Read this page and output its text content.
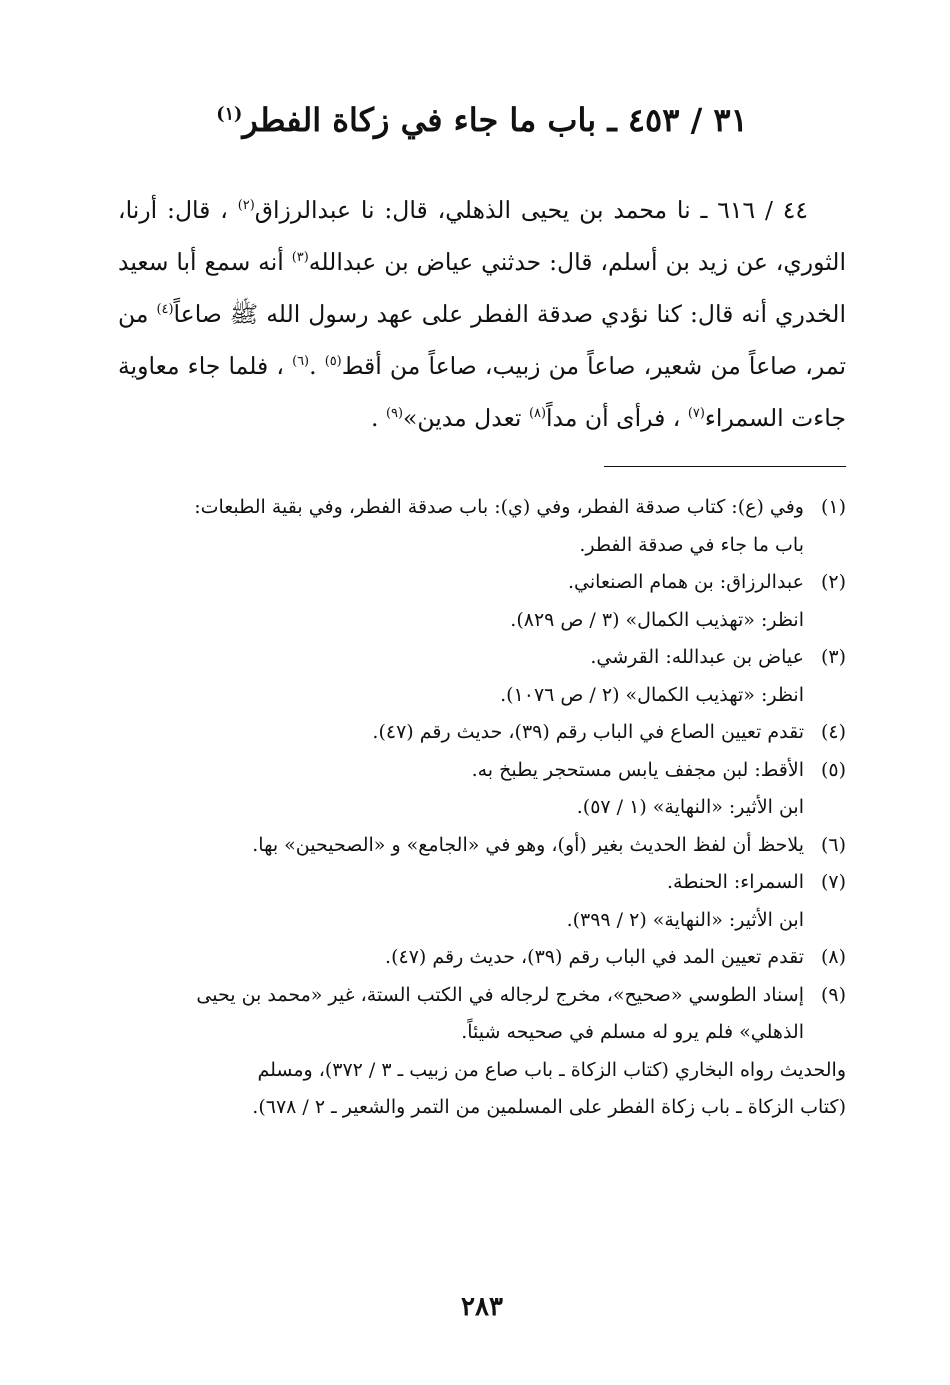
٣١ / ٤٥٣ ـ باب ما جاء في زكاة الفطر$^{(١)}$

٤٤ / ٦١٦ ـ نا محمد بن يحيى الذهلي، قال: نا عبدالرزاق$^{(٢)}$ ، قال: أرنا، الثوري، عن زيد بن أسلم، قال: حدثني عياض بن عبدالله$^{(٣)}$ أنه سمع أبا سعيد الخدري أنه قال: كنا نؤدي صدقة الفطر على عهد رسول الله ﷺ صاعاً$^{(٤)}$ من تمر، صاعاً من شعير، صاعاً من زبيب، صاعاً من أقط$^{(٥)}$ .$^{(٦)}$ ، فلما جاء معاوية جاءت السمراء$^{(٧)}$ ، فرأى أن مداً$^{(٨)}$ تعدل مدين»$^{(٩)}$ .

(١)
وفي (ع): كتاب صدقة الفطر، وفي (ي): باب صدقة الفطر، وفي بقية الطبعات:
باب ما جاء في صدقة الفطر.
(٢)
عبدالرزاق: بن همام الصنعاني.
انظر: «تهذيب الكمال» (٣ / ص ٨٢٩).
(٣)
عياض بن عبدالله: القرشي.
انظر: «تهذيب الكمال» (٢ / ص ١٠٧٦).
(٤)
تقدم تعيين الصاع في الباب رقم (٣٩)، حديث رقم (٤٧).
(٥)
الأقط: لبن مجفف يابس مستحجر يطبخ به.
ابن الأثير: «النهاية» (١ / ٥٧).
(٦)
يلاحظ أن لفظ الحديث بغير (أو)، وهو في «الجامع» و «الصحيحين» بها.
(٧)
السمراء: الحنطة.
ابن الأثير: «النهاية» (٢ / ٣٩٩).
(٨)
تقدم تعيين المد في الباب رقم (٣٩)، حديث رقم (٤٧).
(٩)
إسناد الطوسي «صحيح»، مخرج لرجاله في الكتب الستة، غير «محمد بن يحيى
الذهلي» فلم يرو له مسلم في صحيحه شيئاً.
والحديث رواه البخاري (كتاب الزكاة ـ باب صاع من زبيب ـ ٣ / ٣٧٢)، ومسلم
(كتاب الزكاة ـ باب زكاة الفطر على المسلمين من التمر والشعير ـ ٢ / ٦٧٨).
٢٨٣
